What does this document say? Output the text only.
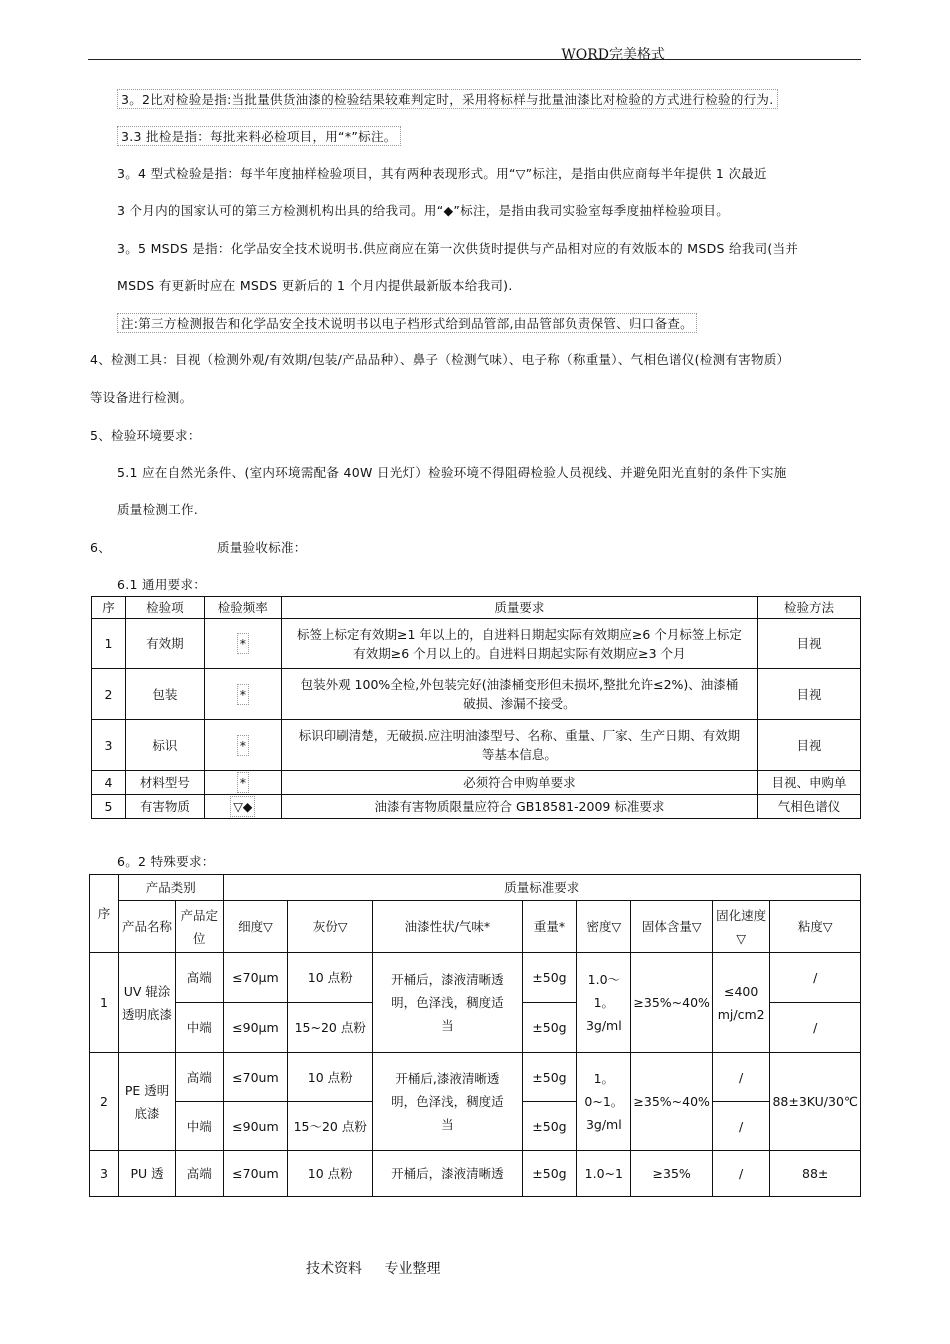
WORD完美格式
3。2比对检验是指:当批量供货油漆的检验结果较难判定时，采用将标样与批量油漆比对检验的方式进行检验的行为.
3.3 批检是指：每批来料必检项目，用“*”标注。
3。4 型式检验是指：每半年度抽样检验项目，其有两种表现形式。用“▽”标注，是指由供应商每半年提供 1 次最近
3 个月内的国家认可的第三方检测机构出具的给我司。用“◆”标注，是指由我司实验室每季度抽样检验项目。
3。5 MSDS 是指：化学品安全技术说明书.供应商应在第一次供货时提供与产品相对应的有效版本的 MSDS 给我司(当并
MSDS 有更新时应在 MSDS 更新后的 1 个月内提供最新版本给我司).
注:第三方检测报告和化学品安全技术说明书以电子档形式给到品管部,由品管部负责保管、归口备查。
4、检测工具：目视（检测外观/有效期/包装/产品品种）、鼻子（检测气味）、电子称（称重量）、气相色谱仪(检测有害物质）
等设备进行检测。
5、检验环境要求：
5.1 应在自然光条件、(室内环境需配备 40W 日光灯）检验环境不得阻碍检验人员视线、并避免阳光直射的条件下实施
质量检测工作.
6、	质量验收标准：
6.1 通用要求：
序	检验项	检验频率	质量要求	检验方法
1	有效期	*	标签上标定有效期≥1 年以上的，自进料日期起实际有效期应≥6 个月标签上标定有效期≥6 个月以上的。自进料日期起实际有效期应≥3 个月	目视
2	包装	*	包装外观 100%全检,外包装完好(油漆桶变形但未损坏,整批允许≤2%)、油漆桶破损、渗漏不接受。	目视
3	标识	*	标识印刷清楚，无破损.应注明油漆型号、名称、重量、厂家、生产日期、有效期等基本信息。	目视
4	材料型号	*	必须符合申购单要求	目视、申购单
5	有害物质	▽◆	油漆有害物质限量应符合 GB18581-2009 标准要求	气相色谱仪
6。2 特殊要求：
序	产品类别		质量标准要求							
	产品名称	产品定位	细度▽	灰份▽	油漆性状/气味*	重量*	密度▽	固体含量▽	固化速度▽	粘度▽
1	UV 辊涂透明底漆	高端	≤70μm	10 点粉	开桶后，漆液清晰透明，色泽浅，稠度适当	±50g	1.0～1。3g/ml	≥35%~40%	≤400 mj/cm2	/
		中端	≤90μm	15~20 点粉		±50g				/
2	PE 透明底漆	高端	≤70um	10 点粉	开桶后,漆液清晰透明，色泽浅，稠度适当	±50g	1。0~1。3g/ml	≥35%~40%	/	88±3KU/30℃
		中端	≤90um	15～20 点粉		±50g			/	
3	PU 透	高端	≤70um	10 点粉	开桶后，漆液清晰透	±50g	1.0~1	≥35%	/	88±
技术资料 专业整理
